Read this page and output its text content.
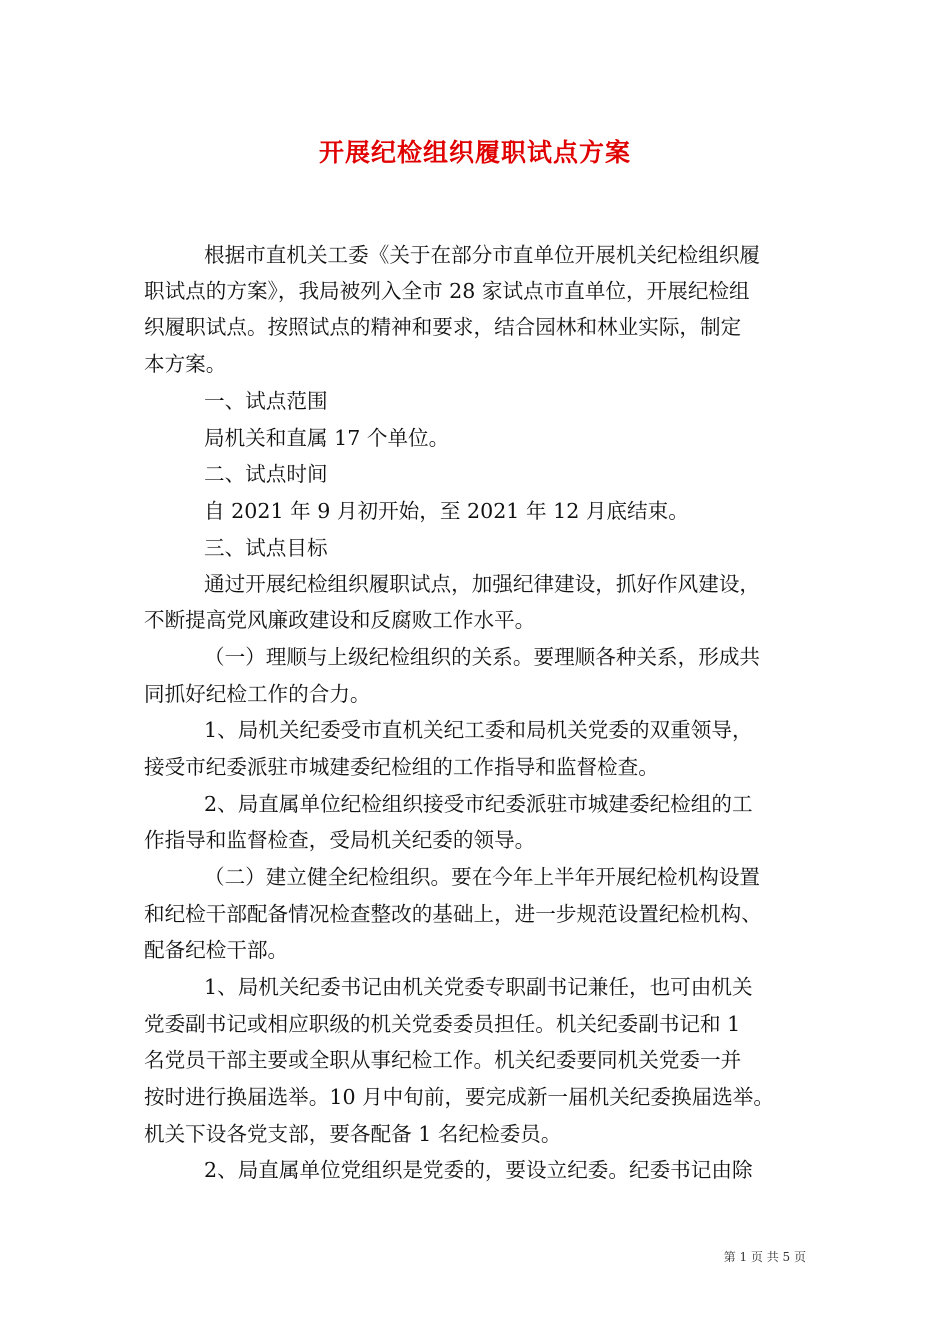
开展纪检组织履职试点方案
根据市直机关工委《关于在部分市直单位开展机关纪检组织履
职试点的方案》，我局被列入全市 28 家试点市直单位，开展纪检组
织履职试点。按照试点的精神和要求，结合园林和林业实际，制定
本方案。
一、试点范围
局机关和直属 17 个单位。
二、试点时间
自 2021 年 9 月初开始，至 2021 年 12 月底结束。
三、试点目标
通过开展纪检组织履职试点，加强纪律建设，抓好作风建设，
不断提高党风廉政建设和反腐败工作水平。
（一）理顺与上级纪检组织的关系。要理顺各种关系，形成共
同抓好纪检工作的合力。
1、局机关纪委受市直机关纪工委和局机关党委的双重领导，
接受市纪委派驻市城建委纪检组的工作指导和监督检查。
2、局直属单位纪检组织接受市纪委派驻市城建委纪检组的工
作指导和监督检查，受局机关纪委的领导。
（二）建立健全纪检组织。要在今年上半年开展纪检机构设置
和纪检干部配备情况检查整改的基础上，进一步规范设置纪检机构、
配备纪检干部。
1、局机关纪委书记由机关党委专职副书记兼任，也可由机关
党委副书记或相应职级的机关党委委员担任。机关纪委副书记和 1
名党员干部主要或全职从事纪检工作。机关纪委要同机关党委一并
按时进行换届选举。10 月中旬前，要完成新一届机关纪委换届选举。
机关下设各党支部，要各配备 1 名纪检委员。
2、局直属单位党组织是党委的，要设立纪委。纪委书记由除
第 1 页 共 5 页
